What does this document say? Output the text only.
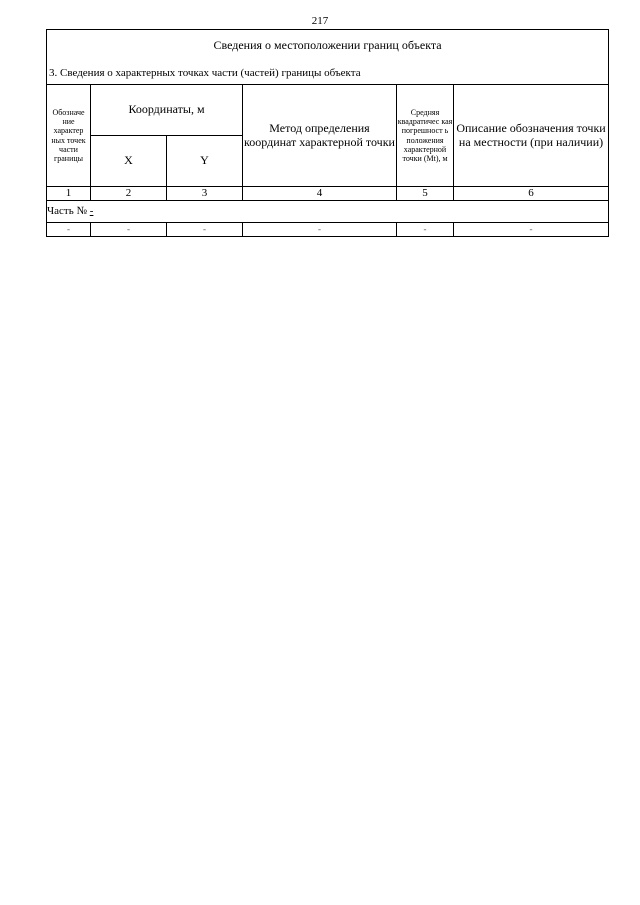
217
Сведения о местоположении границ объекта
3. Сведения о характерных точках части (частей) границы объекта					

Обозначе ние характер ных точек части границы	Координаты, м		Метод определения координат характерной точки	Средняя квадратичес кая погрешност ь положения характерной точки (Mt), м	Описание обозначения точки на местности (при наличии)
	X	Y			
1	2	3	4	5	6
Часть № -					
-	-	-	-	-	-
